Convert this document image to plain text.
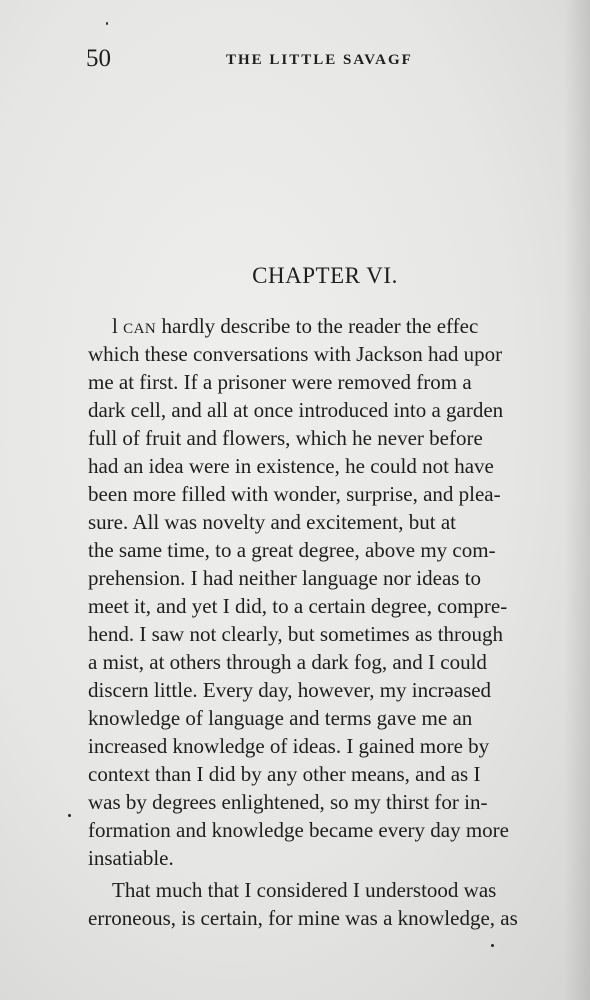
50	THE LITTLE SAVAGF
CHAPTER VI.
l CAN hardly describe to the reader the effec
which these conversations with Jackson had upor
me at first. If a prisoner were removed from a
dark cell, and all at once introduced into a garden
full of fruit and flowers, which he never before
had an idea were in existence, he could not have
been more filled with wonder, surprise, and plea-
sure. All was novelty and excitement, but at
the same time, to a great degree, above my com-
prehension. I had neither language nor ideas to
meet it, and yet I did, to a certain degree, compre-
hend. I saw not clearly, but sometimes as through
a mist, at others through a dark fog, and I could
discern little. Every day, however, my incrəased
knowledge of language and terms gave me an
increased knowledge of ideas. I gained more by
context than I did by any other means, and as I
was by degrees enlightened, so my thirst for in-
formation and knowledge became every day more
insatiable.
That much that I considered I understood was
erroneous, is certain, for mine was a knowledge, as
